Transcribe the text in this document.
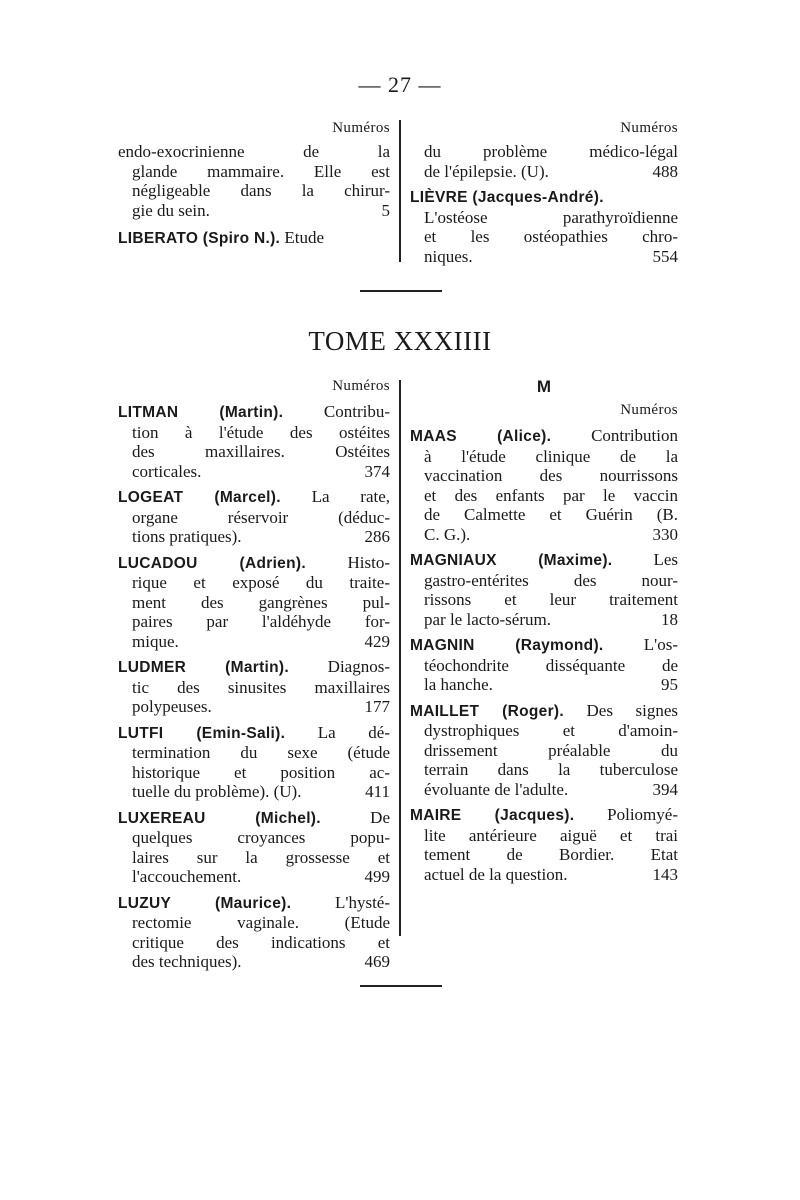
— 27 —
Numéros
endo-exocrinienne de la
glande mammaire. Elle est
négligeable dans la chirur-
gie du sein.	5
LIBERATO (Spiro N.). Etude
Numéros
du problème médico-légal
de l'épilepsie. (U).	488
LIÈVRE (Jacques-André).
L'ostéose parathyroïdienne
et les ostéopathies chro-
niques.	554
TOME XXXIIII
Numéros
LITMAN (Martin). Contribu-
tion à l'étude des ostéites
des maxillaires. Ostéites
corticales.	374
LOGEAT (Marcel). La rate,
organe réservoir (déduc-
tions pratiques).	286
LUCADOU (Adrien). Histo-
rique et exposé du traite-
ment des gangrènes pul-
paires par l'aldéhyde for-
mique.	429
LUDMER (Martin). Diagnos-
tic des sinusites maxillaires
polypeuses.	177
LUTFI (Emin-Sali). La dé-
termination du sexe (étude
historique et position ac-
tuelle du problème). (U).	411
LUXEREAU (Michel).	De
quelques croyances popu-
laires sur la grossesse et
l'accouchement.	499
LUZUY (Maurice).	L'hysté-
rectomie vaginale. (Etude
critique des indications et
des techniques).	469
M
Numéros
MAAS (Alice). Contribution
à l'étude clinique de la
vaccination des nourrissons
et des enfants par le vaccin
de Calmette et Guérin (B.
C. G.).	330
MAGNIAUX (Maxime). Les
gastro-entérites des nour-
rissons et leur traitement
par le lacto-sérum.	18
MAGNIN (Raymond). L'os-
téochondrite disséquante de
la hanche.	95
MAILLET (Roger). Des signes
dystrophiques et d'amoin-
drissement préalable du
terrain dans la tuberculose
évoluante de l'adulte.	394
MAIRE (Jacques). Poliomyé-
lite antérieure aiguë et trai
tement de Bordier. Etat
actuel de la question.	143
